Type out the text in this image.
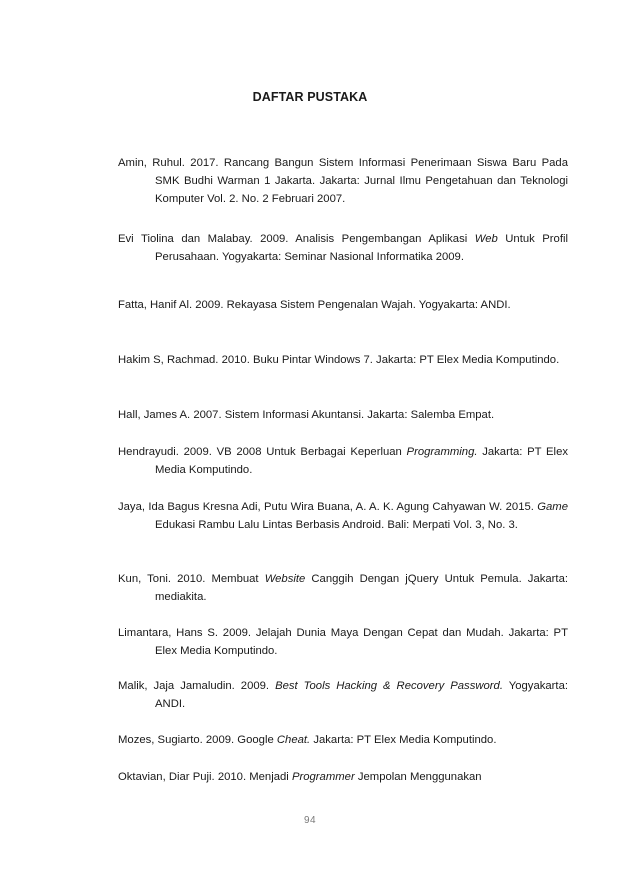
DAFTAR PUSTAKA
Amin, Ruhul. 2017. Rancang Bangun Sistem Informasi Penerimaan Siswa Baru Pada SMK Budhi Warman 1 Jakarta. Jakarta: Jurnal Ilmu Pengetahuan dan Teknologi Komputer Vol. 2. No. 2 Februari 2007.
Evi Tiolina dan Malabay. 2009. Analisis Pengembangan Aplikasi Web Untuk Profil Perusahaan. Yogyakarta: Seminar Nasional Informatika 2009.
Fatta, Hanif Al. 2009. Rekayasa Sistem Pengenalan Wajah. Yogyakarta: ANDI.
Hakim S, Rachmad. 2010. Buku Pintar Windows 7. Jakarta: PT Elex Media Komputindo.
Hall, James A. 2007. Sistem Informasi Akuntansi. Jakarta: Salemba Empat.
Hendrayudi. 2009. VB 2008 Untuk Berbagai Keperluan Programming. Jakarta: PT Elex Media Komputindo.
Jaya, Ida Bagus Kresna Adi, Putu Wira Buana, A. A. K. Agung Cahyawan W. 2015. Game Edukasi Rambu Lalu Lintas Berbasis Android. Bali: Merpati Vol. 3, No. 3.
Kun, Toni. 2010. Membuat Website Canggih Dengan jQuery Untuk Pemula. Jakarta: mediakita.
Limantara, Hans S. 2009. Jelajah Dunia Maya Dengan Cepat dan Mudah. Jakarta: PT Elex Media Komputindo.
Malik, Jaja Jamaludin. 2009. Best Tools Hacking & Recovery Password. Yogyakarta: ANDI.
Mozes, Sugiarto. 2009. Google Cheat. Jakarta: PT Elex Media Komputindo.
Oktavian, Diar Puji. 2010. Menjadi Programmer Jempolan Menggunakan
94
